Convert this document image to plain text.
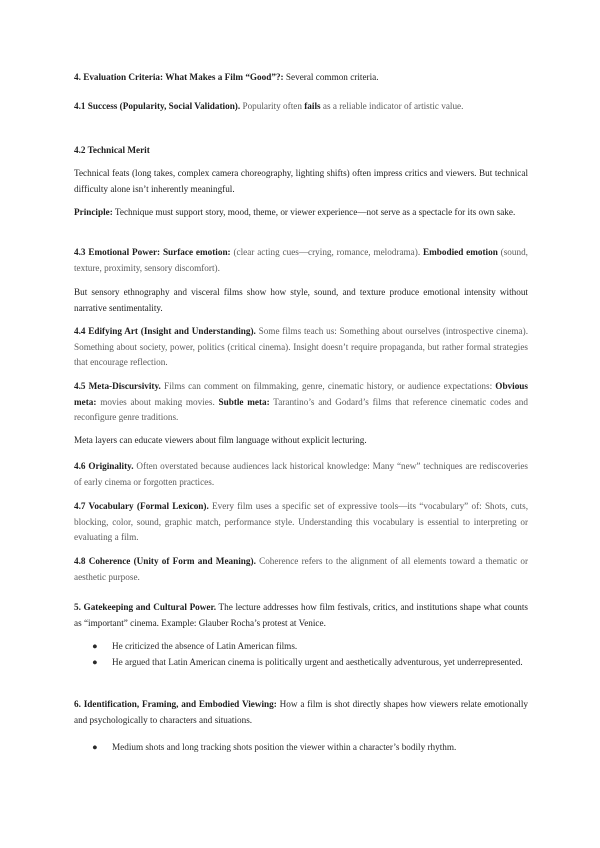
4. Evaluation Criteria: What Makes a Film “Good”?: Several common criteria.

4.1 Success (Popularity, Social Validation). Popularity often fails as a reliable indicator of artistic value.

4.2 Technical Merit

Technical feats (long takes, complex camera choreography, lighting shifts) often impress critics and viewers. But technical difficulty alone isn’t inherently meaningful.

Principle: Technique must support story, mood, theme, or viewer experience—not serve as a spectacle for its own sake.

4.3 Emotional Power: Surface emotion: (clear acting cues—crying, romance, melodrama). Embodied emotion (sound, texture, proximity, sensory discomfort).

But sensory ethnography and visceral films show how style, sound, and texture produce emotional intensity without narrative sentimentality.

4.4 Edifying Art (Insight and Understanding). Some films teach us: Something about ourselves (introspective cinema). Something about society, power, politics (critical cinema). Insight doesn’t require propaganda, but rather formal strategies that encourage reflection.

4.5 Meta-Discursivity. Films can comment on filmmaking, genre, cinematic history, or audience expectations: Obvious meta: movies about making movies. Subtle meta: Tarantino’s and Godard’s films that reference cinematic codes and reconfigure genre traditions.

Meta layers can educate viewers about film language without explicit lecturing.

4.6 Originality. Often overstated because audiences lack historical knowledge: Many “new” techniques are rediscoveries of early cinema or forgotten practices.

4.7 Vocabulary (Formal Lexicon). Every film uses a specific set of expressive tools—its “vocabulary” of: Shots, cuts, blocking, color, sound, graphic match, performance style. Understanding this vocabulary is essential to interpreting or evaluating a film.

4.8 Coherence (Unity of Form and Meaning). Coherence refers to the alignment of all elements toward a thematic or aesthetic purpose.

5. Gatekeeping and Cultural Power. The lecture addresses how film festivals, critics, and institutions shape what counts as “important” cinema. Example: Glauber Rocha’s protest at Venice.

●	He criticized the absence of Latin American films.
●	He argued that Latin American cinema is politically urgent and aesthetically adventurous, yet underrepresented.

6. Identification, Framing, and Embodied Viewing: How a film is shot directly shapes how viewers relate emotionally and psychologically to characters and situations.

●	Medium shots and long tracking shots position the viewer within a character’s bodily rhythm.
